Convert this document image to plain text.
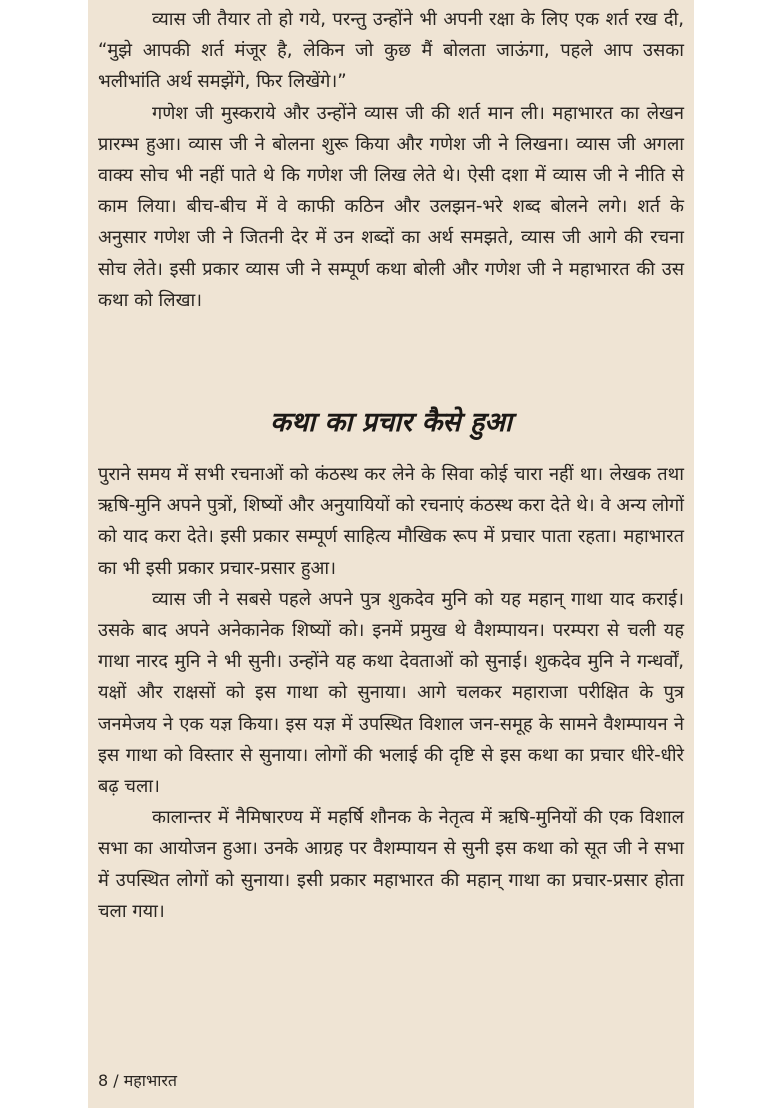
व्यास जी तैयार तो हो गये, परन्तु उन्होंने भी अपनी रक्षा के लिए एक शर्त रख दी, “मुझे आपकी शर्त मंजूर है, लेकिन जो कुछ मैं बोलता जाऊंगा, पहले आप उसका भलीभांति अर्थ समझेंगे, फिर लिखेंगे।”

गणेश जी मुस्कराये और उन्होंने व्यास जी की शर्त मान ली। महाभारत का लेखन प्रारम्भ हुआ। व्यास जी ने बोलना शुरू किया और गणेश जी ने लिखना। व्यास जी अगला वाक्य सोच भी नहीं पाते थे कि गणेश जी लिख लेते थे। ऐसी दशा में व्यास जी ने नीति से काम लिया। बीच-बीच में वे काफी कठिन और उलझन-भरे शब्द बोलने लगे। शर्त के अनुसार गणेश जी ने जितनी देर में उन शब्दों का अर्थ समझते, व्यास जी आगे की रचना सोच लेते। इसी प्रकार व्यास जी ने सम्पूर्ण कथा बोली और गणेश जी ने महाभारत की उस कथा को लिखा।

कथा का प्रचार कैसे हुआ

पुराने समय में सभी रचनाओं को कंठस्थ कर लेने के सिवा कोई चारा नहीं था। लेखक तथा ऋषि-मुनि अपने पुत्रों, शिष्यों और अनुयायियों को रचनाएं कंठस्थ करा देते थे। वे अन्य लोगों को याद करा देते। इसी प्रकार सम्पूर्ण साहित्य मौखिक रूप में प्रचार पाता रहता। महाभारत का भी इसी प्रकार प्रचार-प्रसार हुआ।

व्यास जी ने सबसे पहले अपने पुत्र शुकदेव मुनि को यह महान् गाथा याद कराई। उसके बाद अपने अनेकानेक शिष्यों को। इनमें प्रमुख थे वैशम्पायन। परम्परा से चली यह गाथा नारद मुनि ने भी सुनी। उन्होंने यह कथा देवताओं को सुनाई। शुकदेव मुनि ने गन्धर्वों, यक्षों और राक्षसों को इस गाथा को सुनाया। आगे चलकर महाराजा परीक्षित के पुत्र जनमेजय ने एक यज्ञ किया। इस यज्ञ में उपस्थित विशाल जन-समूह के सामने वैशम्पायन ने इस गाथा को विस्तार से सुनाया। लोगों की भलाई की दृष्टि से इस कथा का प्रचार धीरे-धीरे बढ़ चला।

कालान्तर में नैमिषारण्य में महर्षि शौनक के नेतृत्व में ऋषि-मुनियों की एक विशाल सभा का आयोजन हुआ। उनके आग्रह पर वैशम्पायन से सुनी इस कथा को सूत जी ने सभा में उपस्थित लोगों को सुनाया। इसी प्रकार महाभारत की महान् गाथा का प्रचार-प्रसार होता चला गया।

8 / महाभारत
